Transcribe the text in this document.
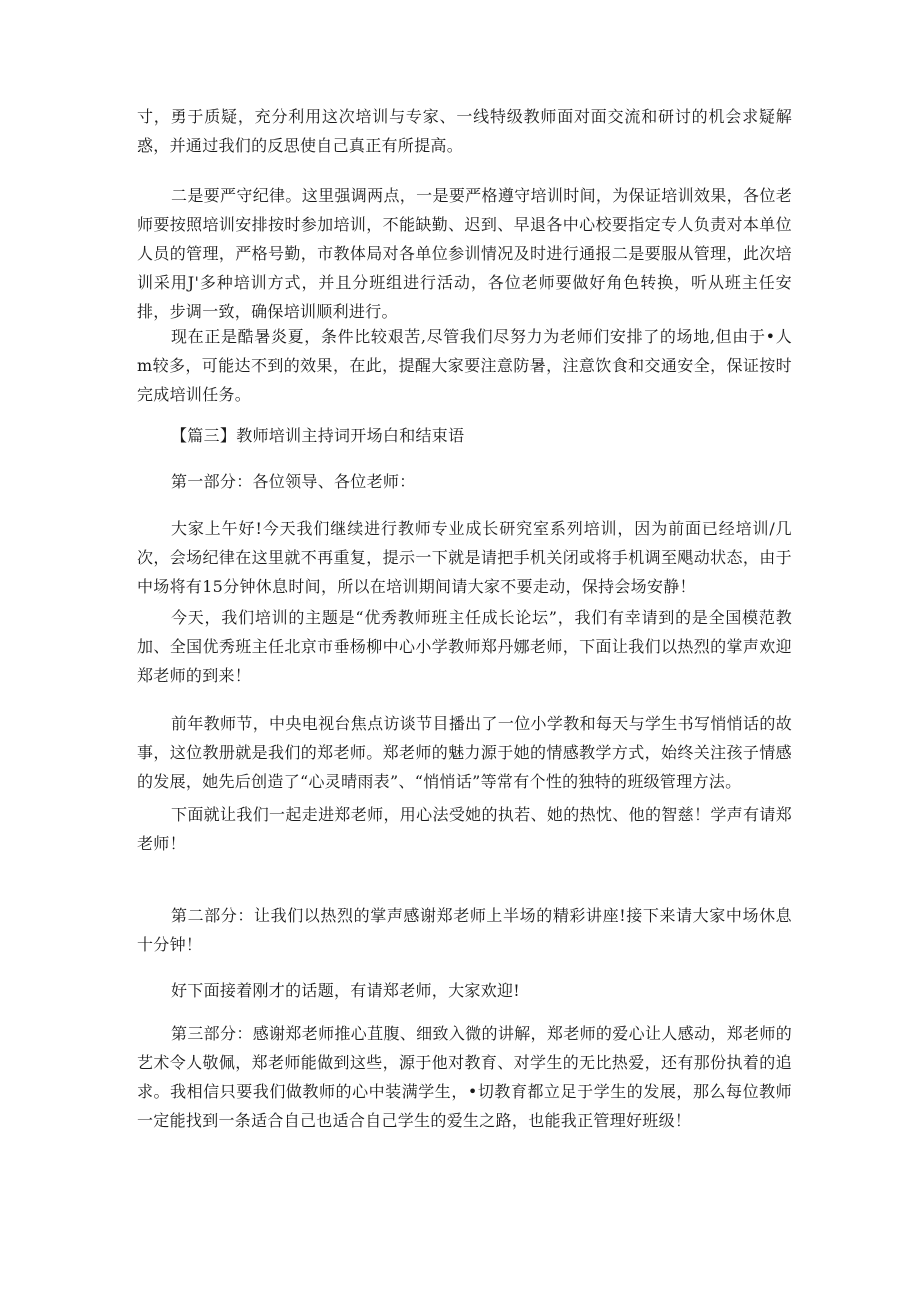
寸，勇于质疑，充分利用这次培训与专家、一线特级教师面对面交流和研讨的机会求疑解惑，并通过我们的反思使自己真正有所提高。

二是要严守纪律。这里强调两点，一是要严格遵守培训时间，为保证培训效果，各位老师要按照培训安排按时参加培训，不能缺勤、迟到、早退各中心校要指定专人负责对本单位人员的管理，严格号勤，市教体局对各单位参训情况及时进行通报二是要服从管理，此次培训采用J'多种培训方式，并且分班组进行活动，各位老师要做好角色转换，听从班主任安排，步调一致，确保培训顺利进行。

现在正是酷暑炎夏，条件比较艰苦,尽管我们尽努力为老师们安排了的场地,但由于•人m较多，可能达不到的效果，在此，提醒大家要注意防暑，注意饮食和交通安全，保证按时完成培训任务。

【篇三】教师培训主持词开场白和结束语

第一部分：各位领导、各位老师：

大家上午好!今天我们继续进行教师专业成长研究室系列培训，因为前面已经培训/几次，会场纪律在这里就不再重复，提示一下就是请把手机关闭或将手机调至飓动状态，由于中场将有15分钟休息时间，所以在培训期间请大家不要走动，保持会场安静！

今天，我们培训的主题是“优秀教师班主任成长论坛”，我们有幸请到的是全国模范教加、全国优秀班主任北京市垂杨柳中心小学教师郑丹娜老师，下面让我们以热烈的掌声欢迎郑老师的到来！

前年教师节，中央电视台焦点访谈节目播出了一位小学教和每天与学生书写悄悄话的故事，这位教册就是我们的郑老师。郑老师的魅力源于她的情感教学方式，始终关注孩子情感的发展，她先后创造了“心灵晴雨表”、“悄悄话”等常有个性的独特的班级管理方法。

下面就让我们一起走进郑老师，用心法受她的执若、她的热忱、他的智慈！学声有请郑老师！

第二部分：让我们以热烈的掌声感谢郑老师上半场的精彩讲座!接下来请大家中场休息十分钟！

好下面接着刚才的话题，有请郑老师，大家欢迎!

第三部分：感谢郑老师推心苴腹、细致入微的讲解，郑老师的爱心让人感动，郑老师的艺术令人敬佩，郑老师能做到这些，源于他对教育、对学生的无比热爱，还有那份执着的追求。我相信只要我们做教师的心中装满学生，•切教育都立足于学生的发展，那么每位教师一定能找到一条适合自己也适合自己学生的爱生之路，也能我正管理好班级！
